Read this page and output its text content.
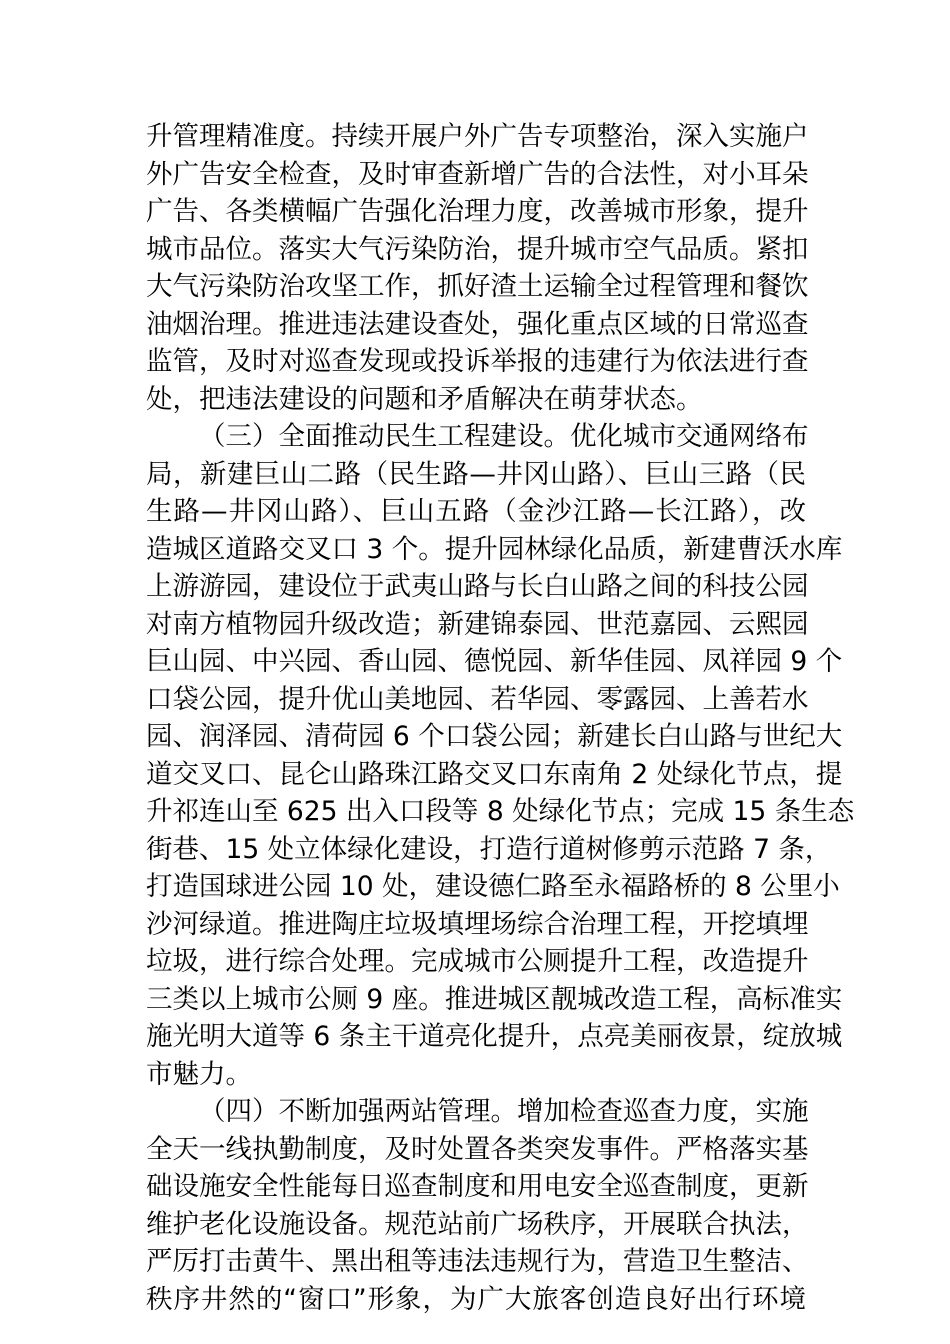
升管理精准度。持续开展户外广告专项整治，深入实施户
外广告安全检查，及时审查新增广告的合法性，对小耳朵
广告、各类横幅广告强化治理力度，改善城市形象，提升
城市品位。落实大气污染防治，提升城市空气品质。紧扣
大气污染防治攻坚工作，抓好渣土运输全过程管理和餐饮
油烟治理。推进违法建设查处，强化重点区域的日常巡查
监管，及时对巡查发现或投诉举报的违建行为依法进行查
处，把违法建设的问题和矛盾解决在萌芽状态。
（三）全面推动民生工程建设。优化城市交通网络布
局，新建巨山二路（民生路—井冈山路）、巨山三路（民
生路—井冈山路）、巨山五路（金沙江路—长江路），改
造城区道路交叉口 3 个。提升园林绿化品质，新建曹沃水库
上游游园，建设位于武夷山路与长白山路之间的科技公园
对南方植物园升级改造；新建锦泰园、世范嘉园、云熙园
巨山园、中兴园、香山园、德悦园、新华佳园、凤祥园 9 个
口袋公园，提升优山美地园、若华园、零露园、上善若水
园、润泽园、清荷园 6 个口袋公园；新建长白山路与世纪大
道交叉口、昆仑山路珠江路交叉口东南角 2 处绿化节点，提
升祁连山至 625 出入口段等 8 处绿化节点；完成 15 条生态
街巷、15 处立体绿化建设，打造行道树修剪示范路 7 条，
打造国球进公园 10 处，建设德仁路至永福路桥的 8 公里小
沙河绿道。推进陶庄垃圾填埋场综合治理工程，开挖填埋
垃圾，进行综合处理。完成城市公厕提升工程，改造提升
三类以上城市公厕 9 座。推进城区靓城改造工程，高标准实
施光明大道等 6 条主干道亮化提升，点亮美丽夜景，绽放城
市魅力。
（四）不断加强两站管理。增加检查巡查力度，实施
全天一线执勤制度，及时处置各类突发事件。严格落实基
础设施安全性能每日巡查制度和用电安全巡查制度，更新
维护老化设施设备。规范站前广场秩序，开展联合执法，
严厉打击黄牛、黑出租等违法违规行为，营造卫生整洁、
秩序井然的“窗口”形象，为广大旅客创造良好出行环境
